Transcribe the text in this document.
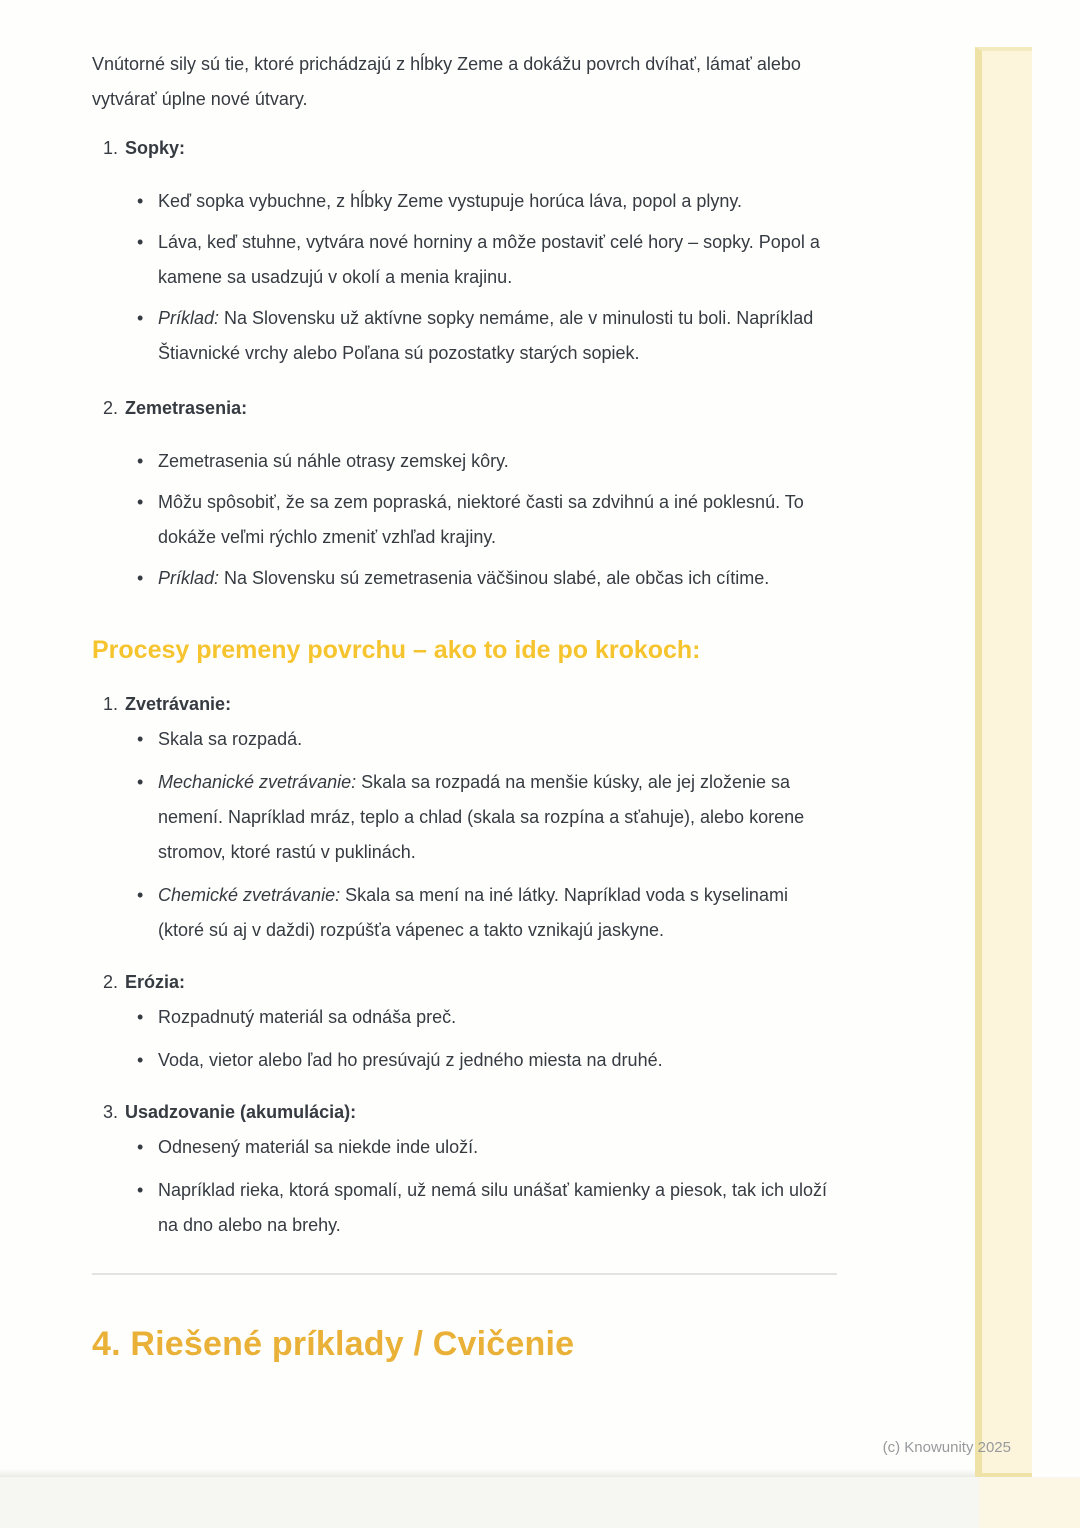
Vnútorné sily sú tie, ktoré prichádzajú z hĺbky Zeme a dokážu povrch dvíhať, lámať alebo vytvárať úplne nové útvary.

1. Sopky:
• Keď sopka vybuchne, z hĺbky Zeme vystupuje horúca láva, popol a plyny.
• Láva, keď stuhne, vytvára nové horniny a môže postaviť celé hory – sopky. Popol a kamene sa usadzujú v okolí a menia krajinu.
• Príklad: Na Slovensku už aktívne sopky nemáme, ale v minulosti tu boli. Napríklad Štiavnické vrchy alebo Poľana sú pozostatky starých sopiek.
2. Zemetrasenia:
• Zemetrasenia sú náhle otrasy zemskej kôry.
• Môžu spôsobiť, že sa zem popraská, niektoré časti sa zdvihnú a iné poklesnú. To dokáže veľmi rýchlo zmeniť vzhľad krajiny.
• Príklad: Na Slovensku sú zemetrasenia väčšinou slabé, ale občas ich cítime.
Procesy premeny povrchu – ako to ide po krokoch:
1. Zvetrávanie:
• Skala sa rozpadá.
• Mechanické zvetrávanie: Skala sa rozpadá na menšie kúsky, ale jej zloženie sa nemení. Napríklad mráz, teplo a chlad (skala sa rozpína a sťahuje), alebo korene stromov, ktoré rastú v puklinách.
• Chemické zvetrávanie: Skala sa mení na iné látky. Napríklad voda s kyselinami (ktoré sú aj v daždi) rozpúšťa vápenec a takto vznikajú jaskyne.
2. Erózia:
• Rozpadnutý materiál sa odnáša preč.
• Voda, vietor alebo ľad ho presúvajú z jedného miesta na druhé.
3. Usadzovanie (akumulácia):
• Odnesený materiál sa niekde inde uloží.
• Napríklad rieka, ktorá spomalí, už nemá silu unášať kamienky a piesok, tak ich uloží na dno alebo na brehy.
4. Riešené príklady / Cvičenie
(c) Knowunity 2025
